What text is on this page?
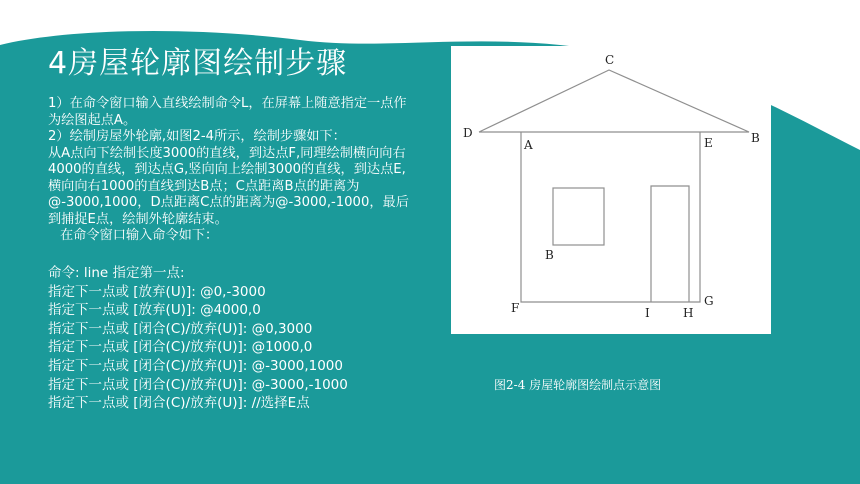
4房屋轮廓图绘制步骤

1）在命令窗口输入直线绘制命令L，在屏幕上随意指定一点作为绘图起点A。

2）绘制房屋外轮廓,如图2-4所示，绘制步骤如下：

从A点向下绘制长度3000的直线，到达点F,同理绘制横向向右4000的直线，到达点G,竖向向上绘制3000的直线，到达点E,横向向右1000的直线到达B点；C点距离B点的距离为@-3000,1000，D点距离C点的距离为@-3000,-1000，最后到捕捉E点，绘制外轮廓结束。

在命令窗口输入命令如下：

命令: line 指定第一点:
指定下一点或 [放弃(U)]: @0,-3000
指定下一点或 [放弃(U)]: @4000,0
指定下一点或 [闭合(C)/放弃(U)]: @0,3000
指定下一点或 [闭合(C)/放弃(U)]: @1000,0
指定下一点或 [闭合(C)/放弃(U)]: @-3000,1000
指定下一点或 [闭合(C)/放弃(U)]: @-3000,-1000
指定下一点或 [闭合(C)/放弃(U)]: //选择E点
C
D	B
A	E
B
F	I	H
G
图2-4 房屋轮廓图绘制点示意图
